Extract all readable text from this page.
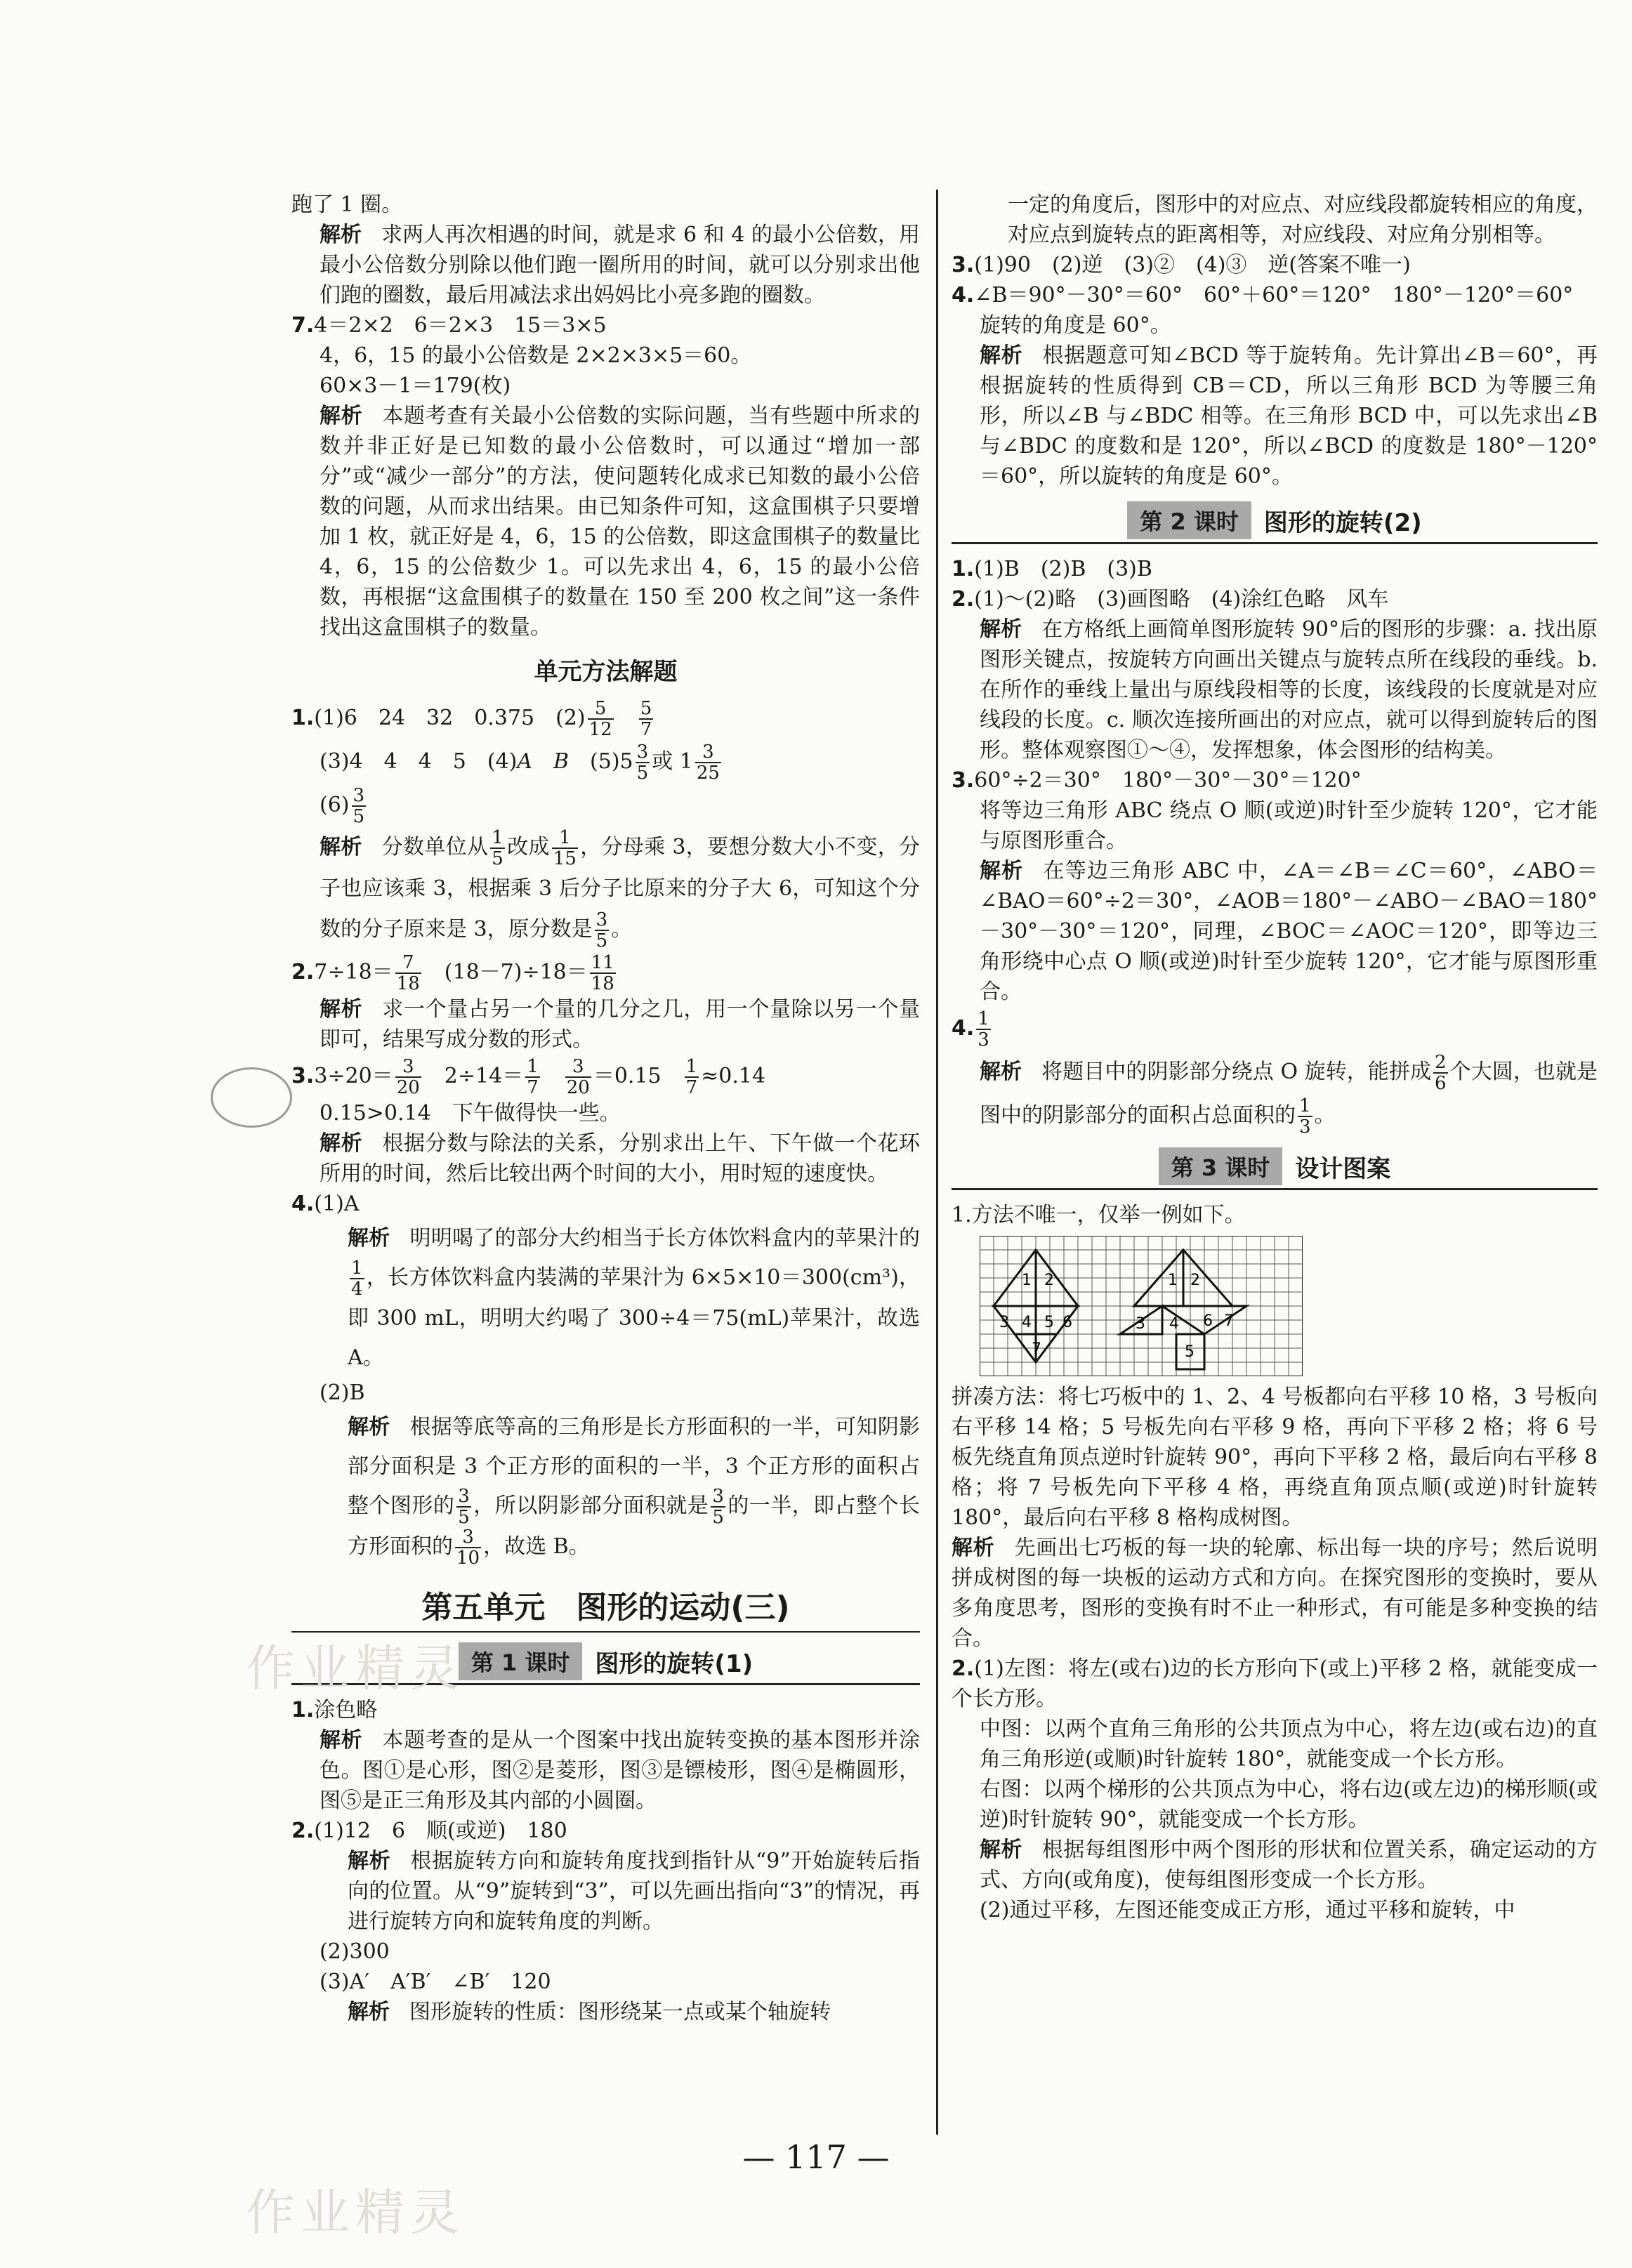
跑了 1 圈。

解析 求两人再次相遇的时间，就是求 6 和 4 的最小公倍数，用最小公倍数分别除以他们跑一圈所用的时间，就可以分别求出他们跑的圈数，最后用减法求出妈妈比小亮多跑的圈数。

7.4＝2×2　6＝2×3　15＝3×5

4，6，15 的最小公倍数是 2×2×3×5＝60。

60×3－1＝179(枚)

解析 本题考查有关最小公倍数的实际问题，当有些题中所求的数并非正好是已知数的最小公倍数时，可以通过“增加一部分”或“减少一部分”的方法，使问题转化成求已知数的最小公倍数的问题，从而求出结果。由已知条件可知，这盒围棋子只要增加 1 枚，就正好是 4，6，15 的公倍数，即这盒围棋子的数量比 4，6，15 的公倍数少 1。可以先求出 4，6，15 的最小公倍数，再根据“这盒围棋子的数量在 150 至 200 枚之间”这一条件找出这盒围棋子的数量。

单元方法解题

1.(1)6　24　32　0.375　$(2) \frac{5}{12}$
　 $\frac{5}{7}$

(3)4　4　4　5　(4)A　B　$(5)5 \frac{3}{5}$ 或 $1 \frac{3}{25}$

$(6) \frac{3}{5}$

解析 分数单位从 $\frac{1}{5}$ 改成 $\frac{1}{15}$ ，分母乘 3，要想分数大小不变，分子也应该乘 3，根据乘 3 后分子比原来的分子大 6，可知这个分数的分子原来是 3，原分数是 $\frac{3}{5}$ 。

$2.7\div 18= \frac{7}{18}$ 　$(18-7)\div 18= \frac{11}{18}$

解析 求一个量占另一个量的几分之几，用一个量除以另一个量即可，结果写成分数的形式。

$3.3\div 20= \frac{3}{20}$ 　$2\div 14= \frac{1}{7}$
　 $\frac{3}{20} =0.15$　 $\frac{1}{7} \approx 0.14$

0.15>0.14　下午做得快一些。

解析 根据分数与除法的关系，分别求出上午、下午做一个花环所用的时间，然后比较出两个时间的大小，用时短的速度快。

4.(1)A

解析 明明喝了的部分大约相当于长方体饮料盒内的苹果汁的
$\frac{1}{4}$ ，长方体饮料盒内装满的苹果汁为 6×5×10＝300(cm³)，即 300 mL，明明大约喝了 300÷4＝75(mL)苹果汁，故选 A。

(2)B

解析 根据等底等高的三角形是长方形面积的一半，可知阴影部分面积是 3 个正方形的面积的一半，3 个正方形的面积占整个图形的 $\frac{3}{5}$ ，所以阴影部分面积就是 $\frac{3}{5}$ 的一半，即占整个长方形面积的 $\frac{3}{10}$ ，故选 B。

第五单元　图形的运动(三)
第 1 课时	图形的旋转(1)

1.涂色略

解析 本题考查的是从一个图案中找出旋转变换的基本图形并涂色。图①是心形，图②是菱形，图③是镖棱形，图④是椭圆形，图⑤是正三角形及其内部的小圆圈。

2.(1)12　6　顺(或逆)　180

解析 根据旋转方向和旋转角度找到指针从“9”开始旋转后指向的位置。从“9”旋转到“3”，可以先画出指向“3”的情况，再进行旋转方向和旋转角度的判断。

(2)300

(3)A′　A′B′　∠B′　120

解析 图形旋转的性质：图形绕某一点或某个轴旋转

一定的角度后，图形中的对应点、对应线段都旋转相应的角度，对应点到旋转点的距离相等，对应线段、对应角分别相等。

3.(1)90　(2)逆　(3)②　(4)③　逆(答案不唯一)

4.∠B＝90°－30°＝60°　60°＋60°＝120°　180°－120°＝60°

旋转的角度是 60°。

解析 根据题意可知∠BCD 等于旋转角。先计算出∠B＝60°，再根据旋转的性质得到 CB＝CD，所以三角形 BCD 为等腰三角形，所以∠B 与∠BDC 相等。在三角形 BCD 中，可以先求出∠B 与∠BDC 的度数和是 120°，所以∠BCD 的度数是 180°－120°＝60°，所以旋转的角度是 60°。

第 2 课时	图形的旋转(2)

1.(1)B　(2)B　(3)B

2.(1)～(2)略　(3)画图略　(4)涂红色略　风车

解析 在方格纸上画简单图形旋转 90°后的图形的步骤：a. 找出原图形关键点，按旋转方向画出关键点与旋转点所在线段的垂线。b. 在所作的垂线上量出与原线段相等的长度，该线段的长度就是对应线段的长度。c. 顺次连接所画出的对应点，就可以得到旋转后的图形。整体观察图①～④，发挥想象，体会图形的结构美。

3.60°÷2＝30°　180°－30°－30°＝120°

将等边三角形 ABC 绕点 O 顺(或逆)时针至少旋转 120°，它才能与原图形重合。

解析 在等边三角形 ABC 中，∠A＝∠B＝∠C＝60°，∠ABO＝∠BAO＝60°÷2＝30°，∠AOB＝180°－∠ABO－∠BAO＝180°－30°－30°＝120°，同理，∠BOC＝∠AOC＝120°，即等边三角形绕中心点 O 顺(或逆)时针至少旋转 120°，它才能与原图形重合。

4. $\frac{1}{3}$

解析 将题目中的阴影部分绕点 O 旋转，能拼成 $\frac{2}{6}$ 个大圆，也就是图中的阴影部分的面积占总面积的 $\frac{1}{3}$ 。

第 3 课时	设计图案

1.方法不唯一，仅举一例如下。

1 2
3 4 5 6
7
1 2
3 4 6
5
7

拼凑方法：将七巧板中的 1、2、4 号板都向右平移 10 格，3 号板向右平移 14 格；5 号板先向右平移 9 格，再向下平移 2 格；将 6 号板先绕直角顶点逆时针旋转 90°，再向下平移 2 格，最后向右平移 8 格；将 7 号板先向下平移 4 格，再绕直角顶点顺(或逆)时针旋转 180°，最后向右平移 8 格构成树图。

解析 先画出七巧板的每一块的轮廓、标出每一块的序号；然后说明拼成树图的每一块板的运动方式和方向。在探究图形的变换时，要从多角度思考，图形的变换有时不止一种形式，有可能是多种变换的结合。

2.(1)左图：将左(或右)边的长方形向下(或上)平移 2 格，就能变成一个长方形。

中图：以两个直角三角形的公共顶点为中心，将左边(或右边)的直角三角形逆(或顺)时针旋转 180°，就能变成一个长方形。

右图：以两个梯形的公共顶点为中心，将右边(或左边)的梯形顺(或逆)时针旋转 90°，就能变成一个长方形。

解析 根据每组图形中两个图形的形状和位置关系，确定运动的方式、方向(或角度)，使每组图形变成一个长方形。

(2)通过平移，左图还能变成正方形，通过平移和旋转，中

— 117 —
作业精灵
作业精灵
